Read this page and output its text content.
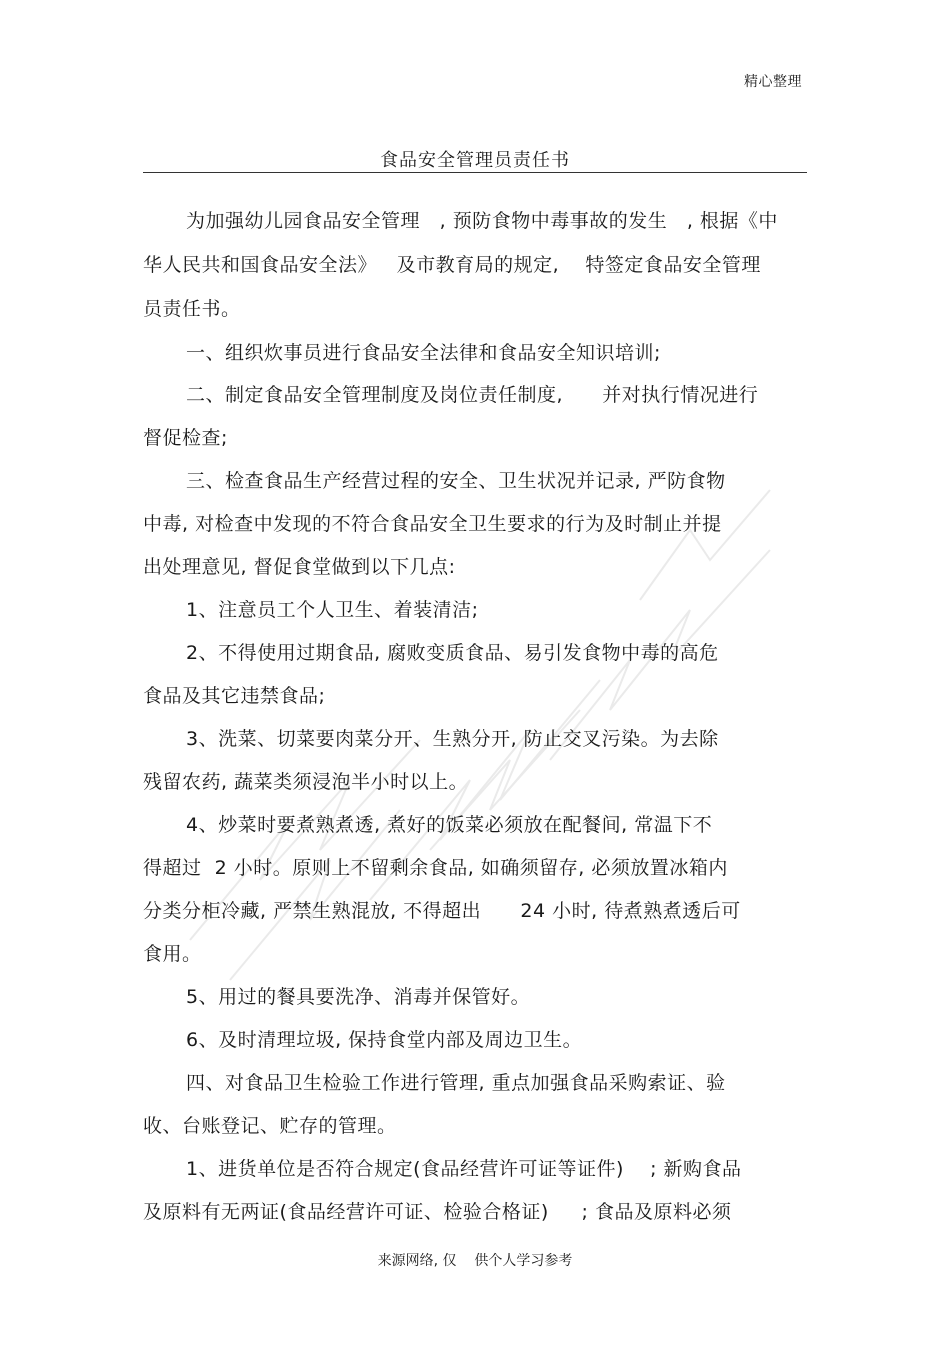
精心整理
食品安全管理员责任书
为加强幼儿园食品安全管理   , 预防食物中毒事故的发生   , 根据《中
华人民共和国食品安全法》   及市教育局的规定,    特签定食品安全管理
员责任书。
一、组织炊事员进行食品安全法律和食品安全知识培训;
二、制定食品安全管理制度及岗位责任制度,      并对执行情况进行
督促检查;
三、检查食品生产经营过程的安全、卫生状况并记录, 严防食物
中毒, 对检查中发现的不符合食品安全卫生要求的行为及时制止并提
出处理意见, 督促食堂做到以下几点:
1、注意员工个人卫生、着装清洁;
2、不得使用过期食品, 腐败变质食品、易引发食物中毒的高危
食品及其它违禁食品;
3、洗菜、切菜要肉菜分开、生熟分开, 防止交叉污染。为去除
残留农药, 蔬菜类须浸泡半小时以上。
4、炒菜时要煮熟煮透, 煮好的饭菜必须放在配餐间, 常温下不
得超过  2 小时。原则上不留剩余食品, 如确须留存, 必须放置冰箱内
分类分柜冷藏, 严禁生熟混放, 不得超出      24 小时, 待煮熟煮透后可
食用。
5、用过的餐具要洗净、消毒并保管好。
6、及时清理垃圾, 保持食堂内部及周边卫生。
四、对食品卫生检验工作进行管理, 重点加强食品采购索证、验
收、台账登记、贮存的管理。
1、进货单位是否符合规定(食品经营许可证等证件)    ; 新购食品
及原料有无两证(食品经营许可证、检验合格证)     ; 食品及原料必须
来源网络, 仅    供个人学习参考
